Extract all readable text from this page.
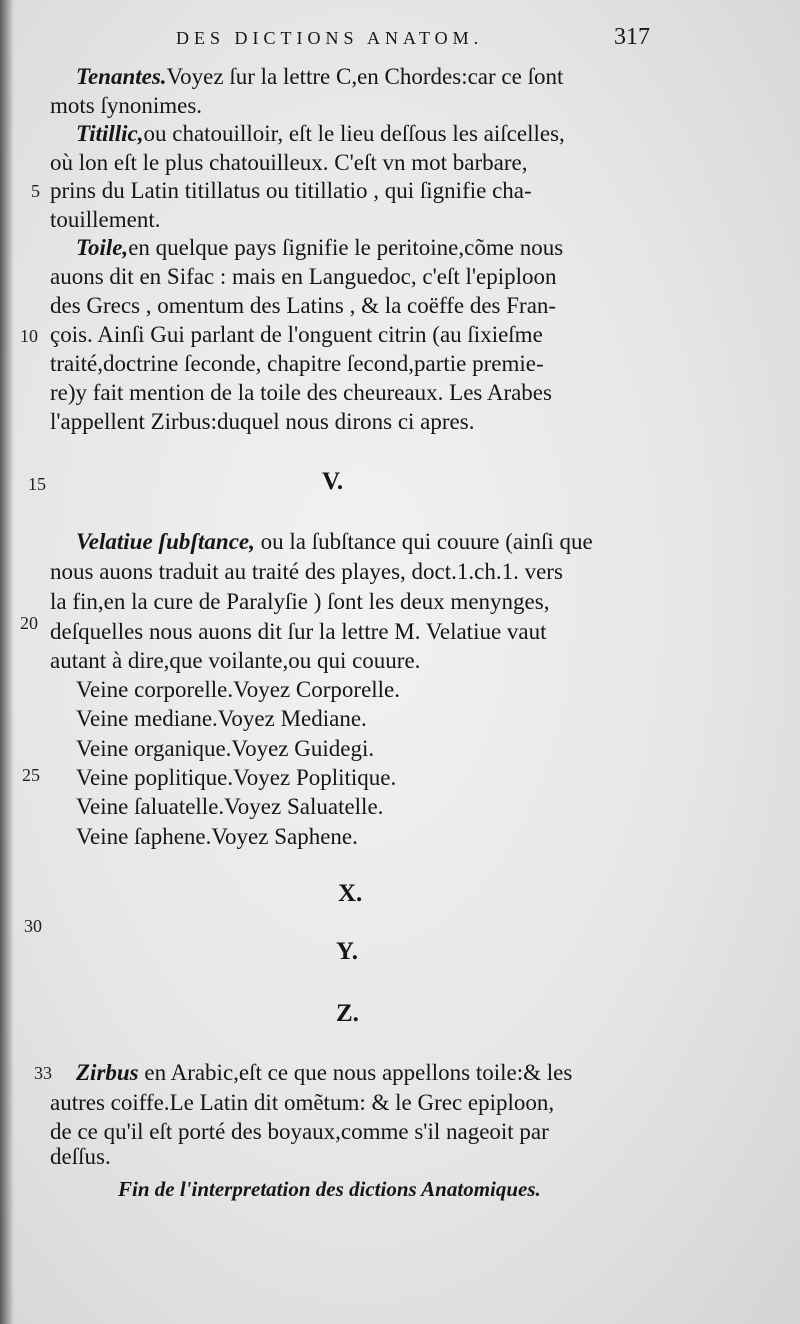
DES DICTIONS ANATOM.	317
Tenantes.Voyez ſur la lettre C,en Chordes:car ce ſont
mots ſynonimes.
Titillic,ou chatouilloir, eſt le lieu deſſous les aiſcelles,
où lon eſt le plus chatouilleux. C'eſt vn mot barbare,
prins du Latin titillatus ou titillatio , qui ſignifie cha-
touillement.
Toile,en quelque pays ſignifie le peritoine,cõme nous
auons dit en Sifac : mais en Languedoc, c'eſt l'epiploon
des Grecs , omentum des Latins , & la coëffe des Fran-
çois. Ainſi Gui parlant de l'onguent citrin (au ſixieſme
traité,doctrine ſeconde, chapitre ſecond,partie premie-
re)y fait mention de la toile des cheureaux. Les Arabes
l'appellent Zirbus:duquel nous dirons ci apres.
V.
Velatiue ſubſtance, ou la ſubſtance qui couure (ainſi que
nous auons traduit au traité des playes, doct.1.ch.1. vers
la fin,en la cure de Paralyſie ) ſont les deux menynges,
deſquelles nous auons dit ſur la lettre M. Velatiue vaut
autant à dire,que voilante,ou qui couure.
Veine corporelle.Voyez Corporelle.
Veine mediane.Voyez Mediane.
Veine organique.Voyez Guidegi.
Veine poplitique.Voyez Poplitique.
Veine ſaluatelle.Voyez Saluatelle.
Veine ſaphene.Voyez Saphene.
X.
Y.
Z.
Zirbus en Arabic,eſt ce que nous appellons toile:& les
autres coiffe.Le Latin dit omẽtum: & le Grec epiploon,
de ce qu'il eſt porté des boyaux,comme s'il nageoit par
deſſus.
Fin de l'interpretation des dictions Anatomiques.
5
10
15
20
25
30
33
